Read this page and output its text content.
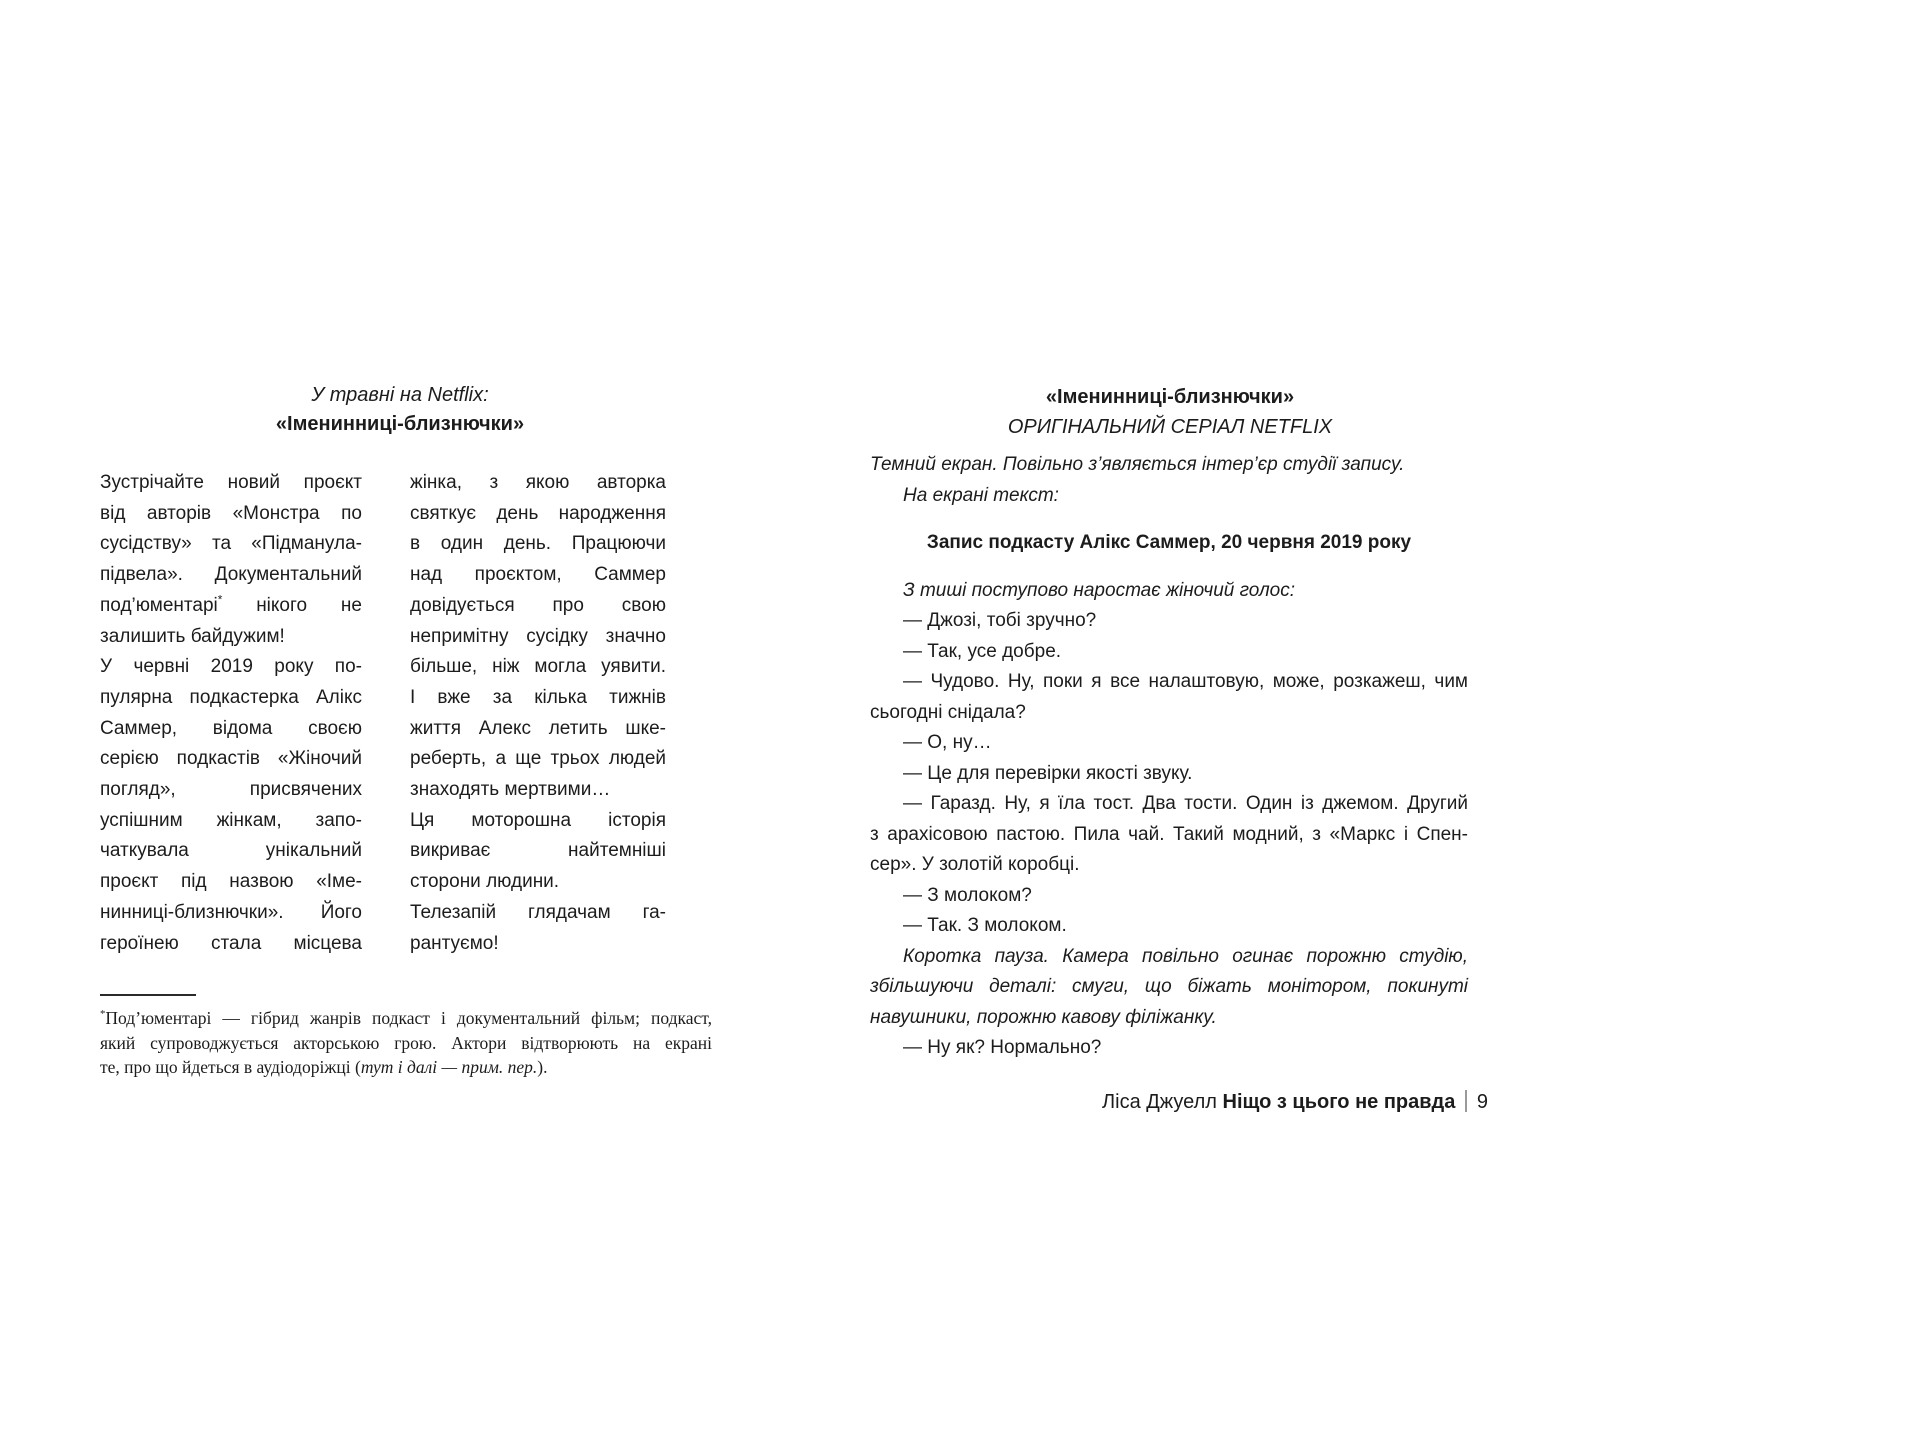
У травні на Netflix:
«Іменинниці-близнючки»
Зустрічайте новий проєкт
від авторів «Монстра по
сусідству» та «Підманула-
підвела». Документальний
под’юментарі* нікого не
залишить байдужим!
У червні 2019 року по-
пулярна подкастерка Алікс
Саммер, відома своєю
серією подкастів «Жіночий
погляд», присвячених
успішним жінкам, запо-
чаткувала унікальний
проєкт під назвою «Іме-
нинниці-близнючки». Його
героїнею стала місцева
жінка, з якою авторка
святкує день народження
в один день. Працюючи
над проєктом, Саммер
довідується про свою
непримітну сусідку значно
більше, ніж могла уявити.
І вже за кілька тижнів
життя Алекс летить шке-
реберть, а ще трьох людей
знаходять мертвими…
Ця моторошна історія
викриває найтемніші
сторони людини.
Телезапій глядачам га-
рантуємо!
*Под’юментарі — гібрид жанрів подкаст і документальний фільм; подкаст,
який супроводжується акторською грою. Актори відтворюють на екрані
те, про що йдеться в аудіодоріжці (тут і далі — прим. пер.).
«Іменинниці-близнючки»
ОРИГІНАЛЬНИЙ СЕРІАЛ NETFLIX
Темний екран. Повільно з’являється інтер’єр студії запису.
На екрані текст:
Запис подкасту Алікс Саммер, 20 червня 2019 року
З тиші поступово наростає жіночий голос:
— Джозі, тобі зручно?
— Так, усе добре.
— Чудово. Ну, поки я все налаштовую, може, розкажеш, чим
сьогодні снідала?
— О, ну…
— Це для перевірки якості звуку.
— Гаразд. Ну, я їла тост. Два тости. Один із джемом. Другий
з арахісовою пастою. Пила чай. Такий модний, з «Маркс і Спен-
сер». У золотій коробці.
— З молоком?
— Так. З молоком.
Коротка пауза. Камера повільно огинає порожню студію,
збільшуючи деталі: смуги, що біжать монітором, покинуті
навушники, порожню кавову філіжанку.
— Ну як? Нормально?
Ліса Джуелл Ніщо з цього не правда 9
